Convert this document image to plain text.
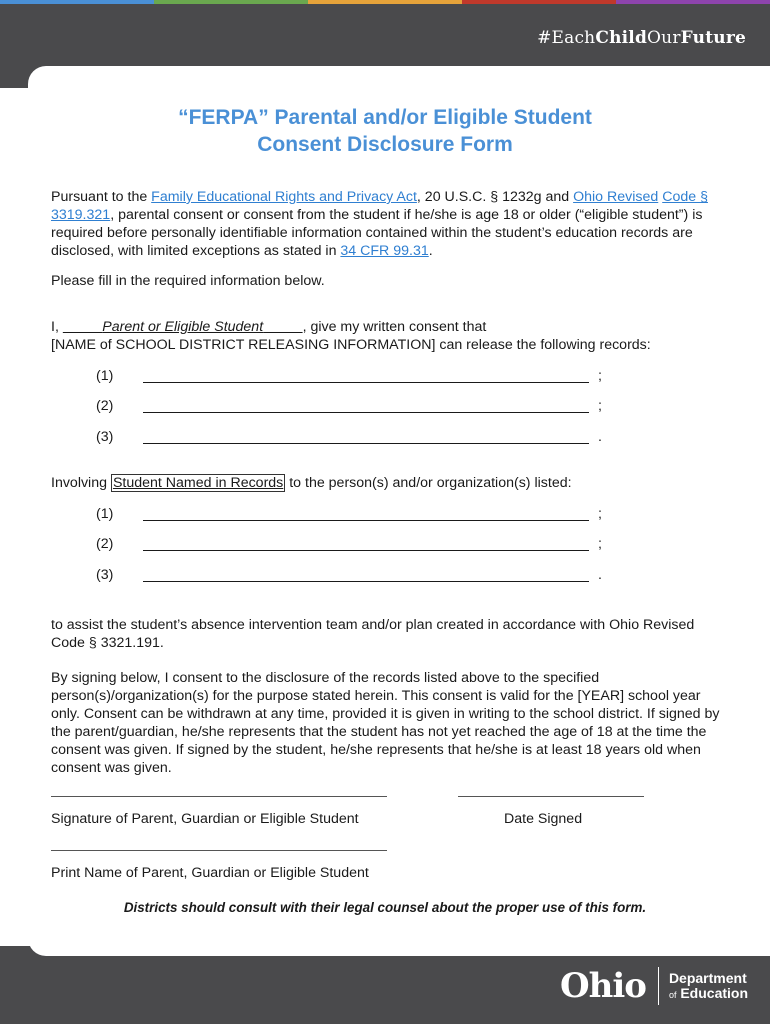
#EachChildOurFuture
“FERPA” Parental and/or Eligible Student
Consent Disclosure Form
Pursuant to the Family Educational Rights and Privacy Act, 20 U.S.C. § 1232g and Ohio Revised Code § 3319.321, parental consent or consent from the student if he/she is age 18 or older (“eligible student”) is required before personally identifiable information contained within the student’s education records are disclosed, with limited exceptions as stated in 34 CFR 99.31.
Please fill in the required information below.
I,	Parent or Eligible Student	, give my written consent that
[NAME of SCHOOL DISTRICT RELEASING INFORMATION] can release the following records:
(1)	;
(2)	;
(3)	.
Involving Student Named in Records to the person(s) and/or organization(s) listed:
(1)	;
(2)	;
(3)	.
to assist the student’s absence intervention team and/or plan created in accordance with Ohio Revised Code § 3321.191.
By signing below, I consent to the disclosure of the records listed above to the specified person(s)/organization(s) for the purpose stated herein. This consent is valid for the [YEAR] school year only. Consent can be withdrawn at any time, provided it is given in writing to the school district. If signed by the parent/guardian, he/she represents that the student has not yet reached the age of 18 at the time the consent was given. If signed by the student, he/she represents that he/she is at least 18 years old when consent was given.
Signature of Parent, Guardian or Eligible Student	Date Signed
Print Name of Parent, Guardian or Eligible Student
Districts should consult with their legal counsel about the proper use of this form.
Ohio Department
of Education
